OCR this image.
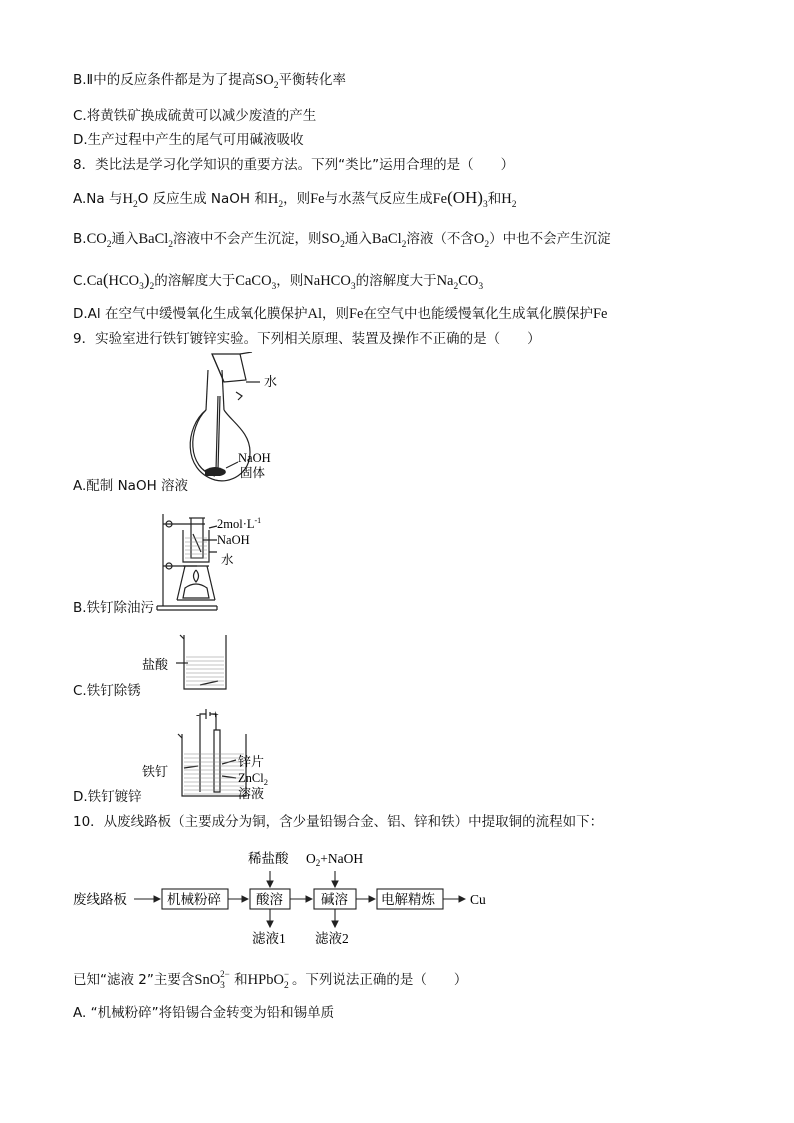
B.Ⅱ中的反应条件都是为了提高$SO_2$平衡转化率
C.将黄铁矿换成硫黄可以减少废渣的产生
D.生产过程中产生的尾气可用碱液吸收
8．类比法是学习化学知识的重要方法。下列“类比”运用合理的是（　　）
A.Na 与$H_2O$ 反应生成 NaOH 和$H_2$，则Fe与水蒸气反应生成$Fe(OH)_3$和$H_2$
$B.CO_2$通入BaCl$_2$溶液中不会产生沉淀，则$SO_2$通入BaCl$_2$溶液（不含$O_2$）中也不会产生沉淀
$C.Ca(HCO_3)_2$的溶解度大于CaCO$_3$，则NaHCO$_3$的溶解度大于$Na_2CO_3$
D.Al 在空气中缓慢氧化生成氧化膜保护Al，则Fe在空气中也能缓慢氧化生成氧化膜保护Fe
9．实验室进行铁钉镀锌实验。下列相关原理、装置及操作不正确的是（　　）
水
NaOH
固体
A.配制 NaOH 溶液
$2mol\cdot L^{-1}$
NaOH
水
B.铁钉除油污
盐酸
C.铁钉除锈
- +
铁钉
锌片
ZnCl$_2$
溶液
D.铁钉镀锌
10．从废线路板（主要成分为铜，含少量铅锡合金、铝、锌和铁）中提取铜的流程如下：
废线路板	机械粉碎	酸溶	碱溶 电解精炼	Cu
稀盐酸 $O_2+NaOH$
滤液1 滤液2
已知“滤液 2”主要含SnO 2−
3 和HPbO −
2 。下列说法正确的是（　　）
A. “机械粉碎”将铅锡合金转变为铅和锡单质
